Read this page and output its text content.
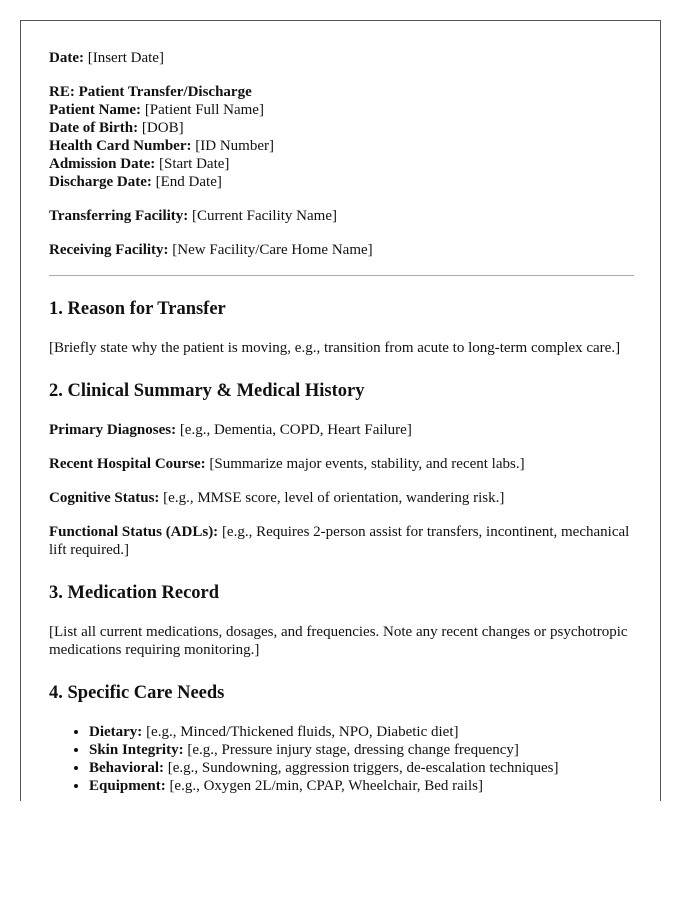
Date: [Insert Date]

RE: Patient Transfer/Discharge

Patient Name: [Patient Full Name]

Date of Birth: [DOB]

Health Card Number: [ID Number]

Admission Date: [Start Date]

Discharge Date: [End Date]

Transferring Facility: [Current Facility Name]

Receiving Facility: [New Facility/Care Home Name]

1. Reason for Transfer

[Briefly state why the patient is moving, e.g., transition from acute to long-term complex care.]

2. Clinical Summary & Medical History

Primary Diagnoses: [e.g., Dementia, COPD, Heart Failure]

Recent Hospital Course: [Summarize major events, stability, and recent labs.]

Cognitive Status: [e.g., MMSE score, level of orientation, wandering risk.]

Functional Status (ADLs): [e.g., Requires 2-person assist for transfers, incontinent, mechanical lift required.]

3. Medication Record

[List all current medications, dosages, and frequencies. Note any recent changes or psychotropic medications requiring monitoring.]

4. Specific Care Needs
• Dietary: [e.g., Minced/Thickened fluids, NPO, Diabetic diet]
• Skin Integrity: [e.g., Pressure injury stage, dressing change frequency]
• Behavioral: [e.g., Sundowning, aggression triggers, de-escalation techniques]
• Equipment: [e.g., Oxygen 2L/min, CPAP, Wheelchair, Bed rails]
